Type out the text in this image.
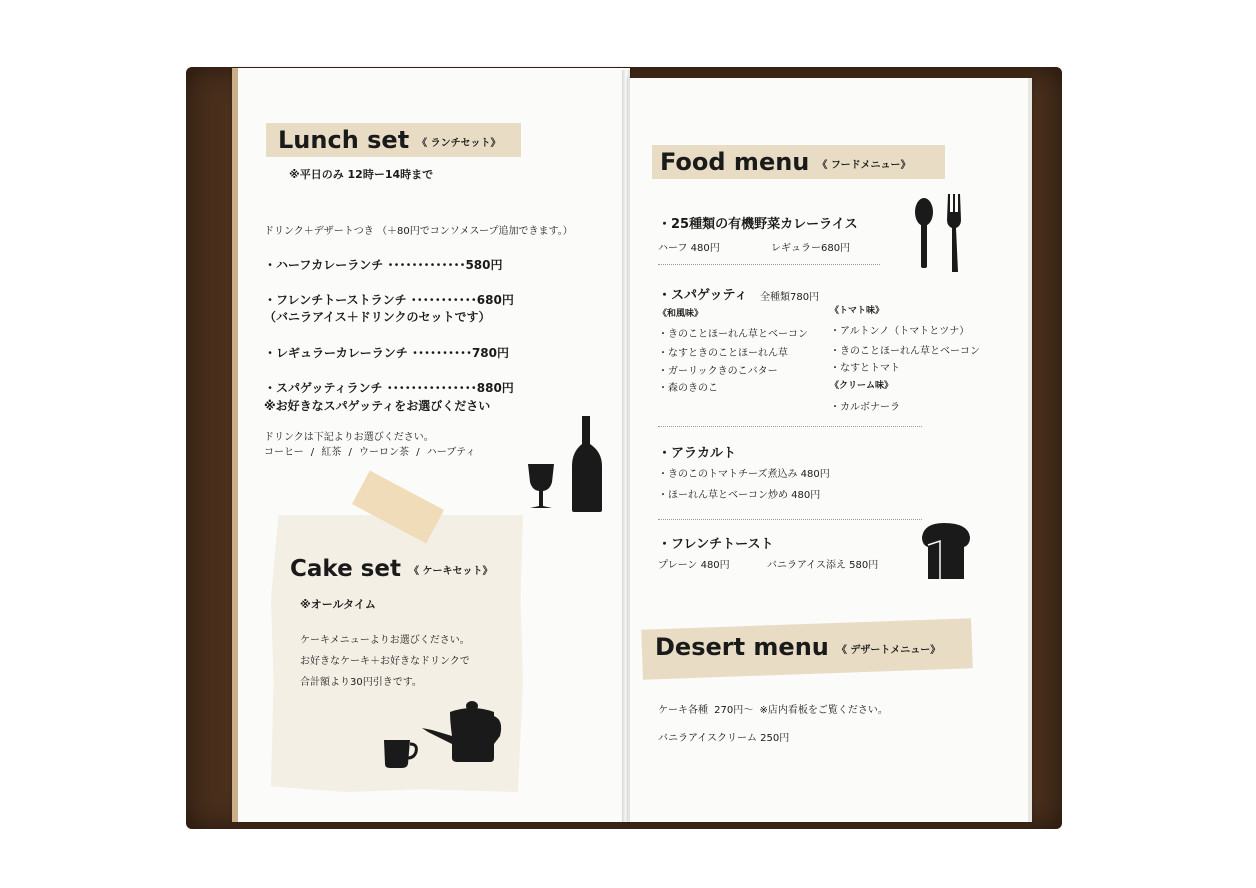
Lunch set 《 ランチセット》
※平日のみ 12時ー14時まで
ドリンク＋デザートつき （＋80円でコンソメスープ追加できます。）
・ハーフカレーランチ ･････････････580円
・フレンチトーストランチ ･･･････････680円
（バニラアイス＋ドリンクのセットです）
・レギュラーカレーランチ ･･････････780円
・スパゲッティランチ ･･･････････････880円
※お好きなスパゲッティをお選びください
ドリンクは下記よりお選びください。
コーヒー / 紅茶 / ウーロン茶 / ハーブティ
Cake set 《 ケーキセット》
※オールタイム
ケーキメニューよりお選びください。
お好きなケーキ＋お好きなドリンクで
合計額より30円引きです。
Food menu 《 フードメニュー》
・25種類の有機野菜カレーライス
ハーフ 480円	レギュラー680円
・スパゲッティ 全種類780円
《和風味》
・きのことほーれん草とベーコン
・なすときのことほーれん草
・ガーリックきのこバター
・森のきのこ
《トマト味》
・アルトンノ（トマトとツナ）
・きのことほーれん草とベーコン
・なすとトマト
《クリーム味》
・カルボナーラ
・アラカルト
・きのこのトマトチーズ煮込み 480円
・ほーれん草とベーコン炒め 480円
・フレンチトースト
プレーン 480円	バニラアイス添え 580円
Desert menu 《 デザートメニュー》
ケーキ各種 270円～ ※店内看板をご覧ください。
バニラアイスクリーム 250円
